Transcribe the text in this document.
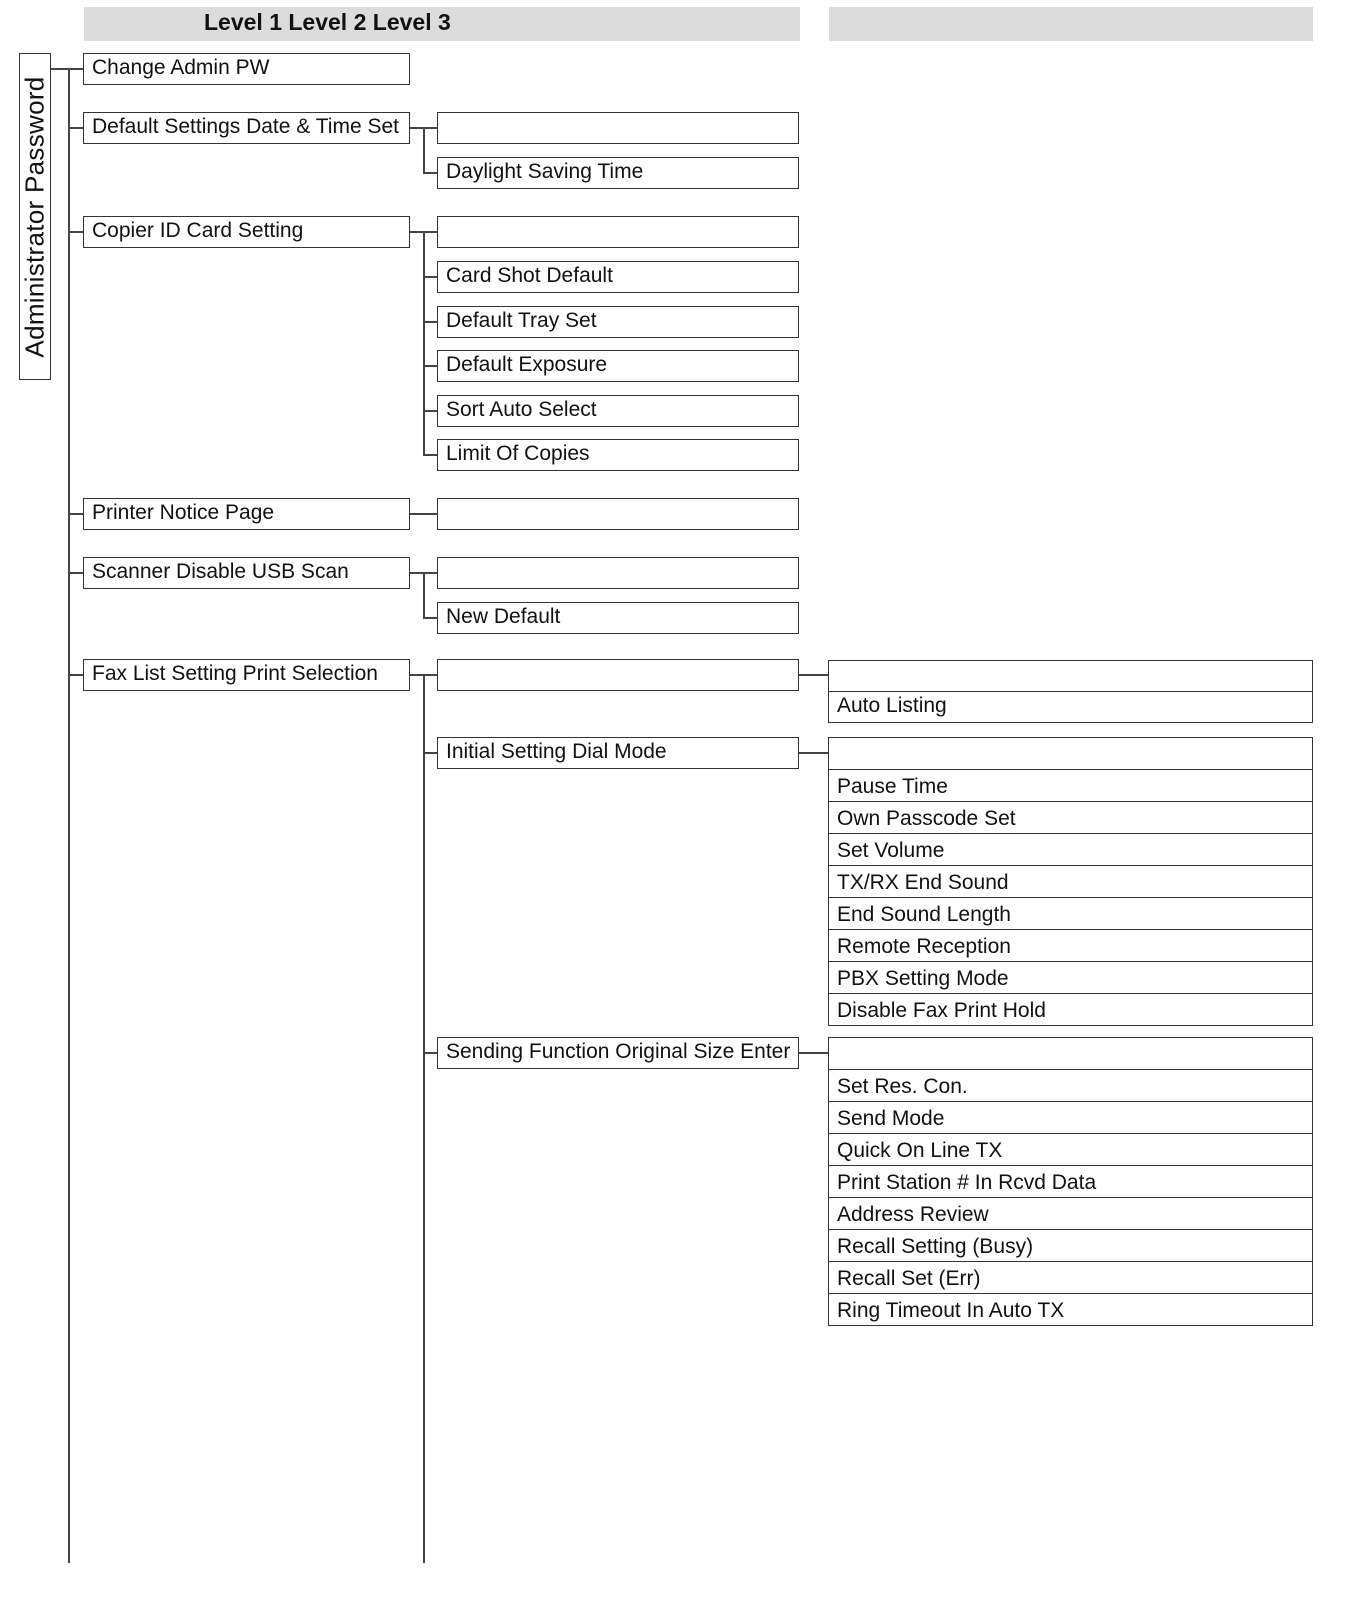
Level 1 Level 2 Level 3
Administrator Password
Change Admin PW
Default Settings Date & Time Set
Copier ID Card Setting
Printer Notice Page
Scanner Disable USB Scan
Fax List Setting Print Selection
Daylight Saving Time
Card Shot Default
Default Tray Set
Default Exposure
Sort Auto Select
Limit Of Copies
New Default
Initial Setting Dial Mode
Sending Function Original Size Enter
Auto Listing
Pause Time
Own Passcode Set
Set Volume
TX/RX End Sound
End Sound Length
Remote Reception
PBX Setting Mode
Disable Fax Print Hold
Set Res. Con.
Send Mode
Quick On Line TX
Print Station # In Rcvd Data
Address Review
Recall Setting (Busy)
Recall Set (Err)
Ring Timeout In Auto TX
